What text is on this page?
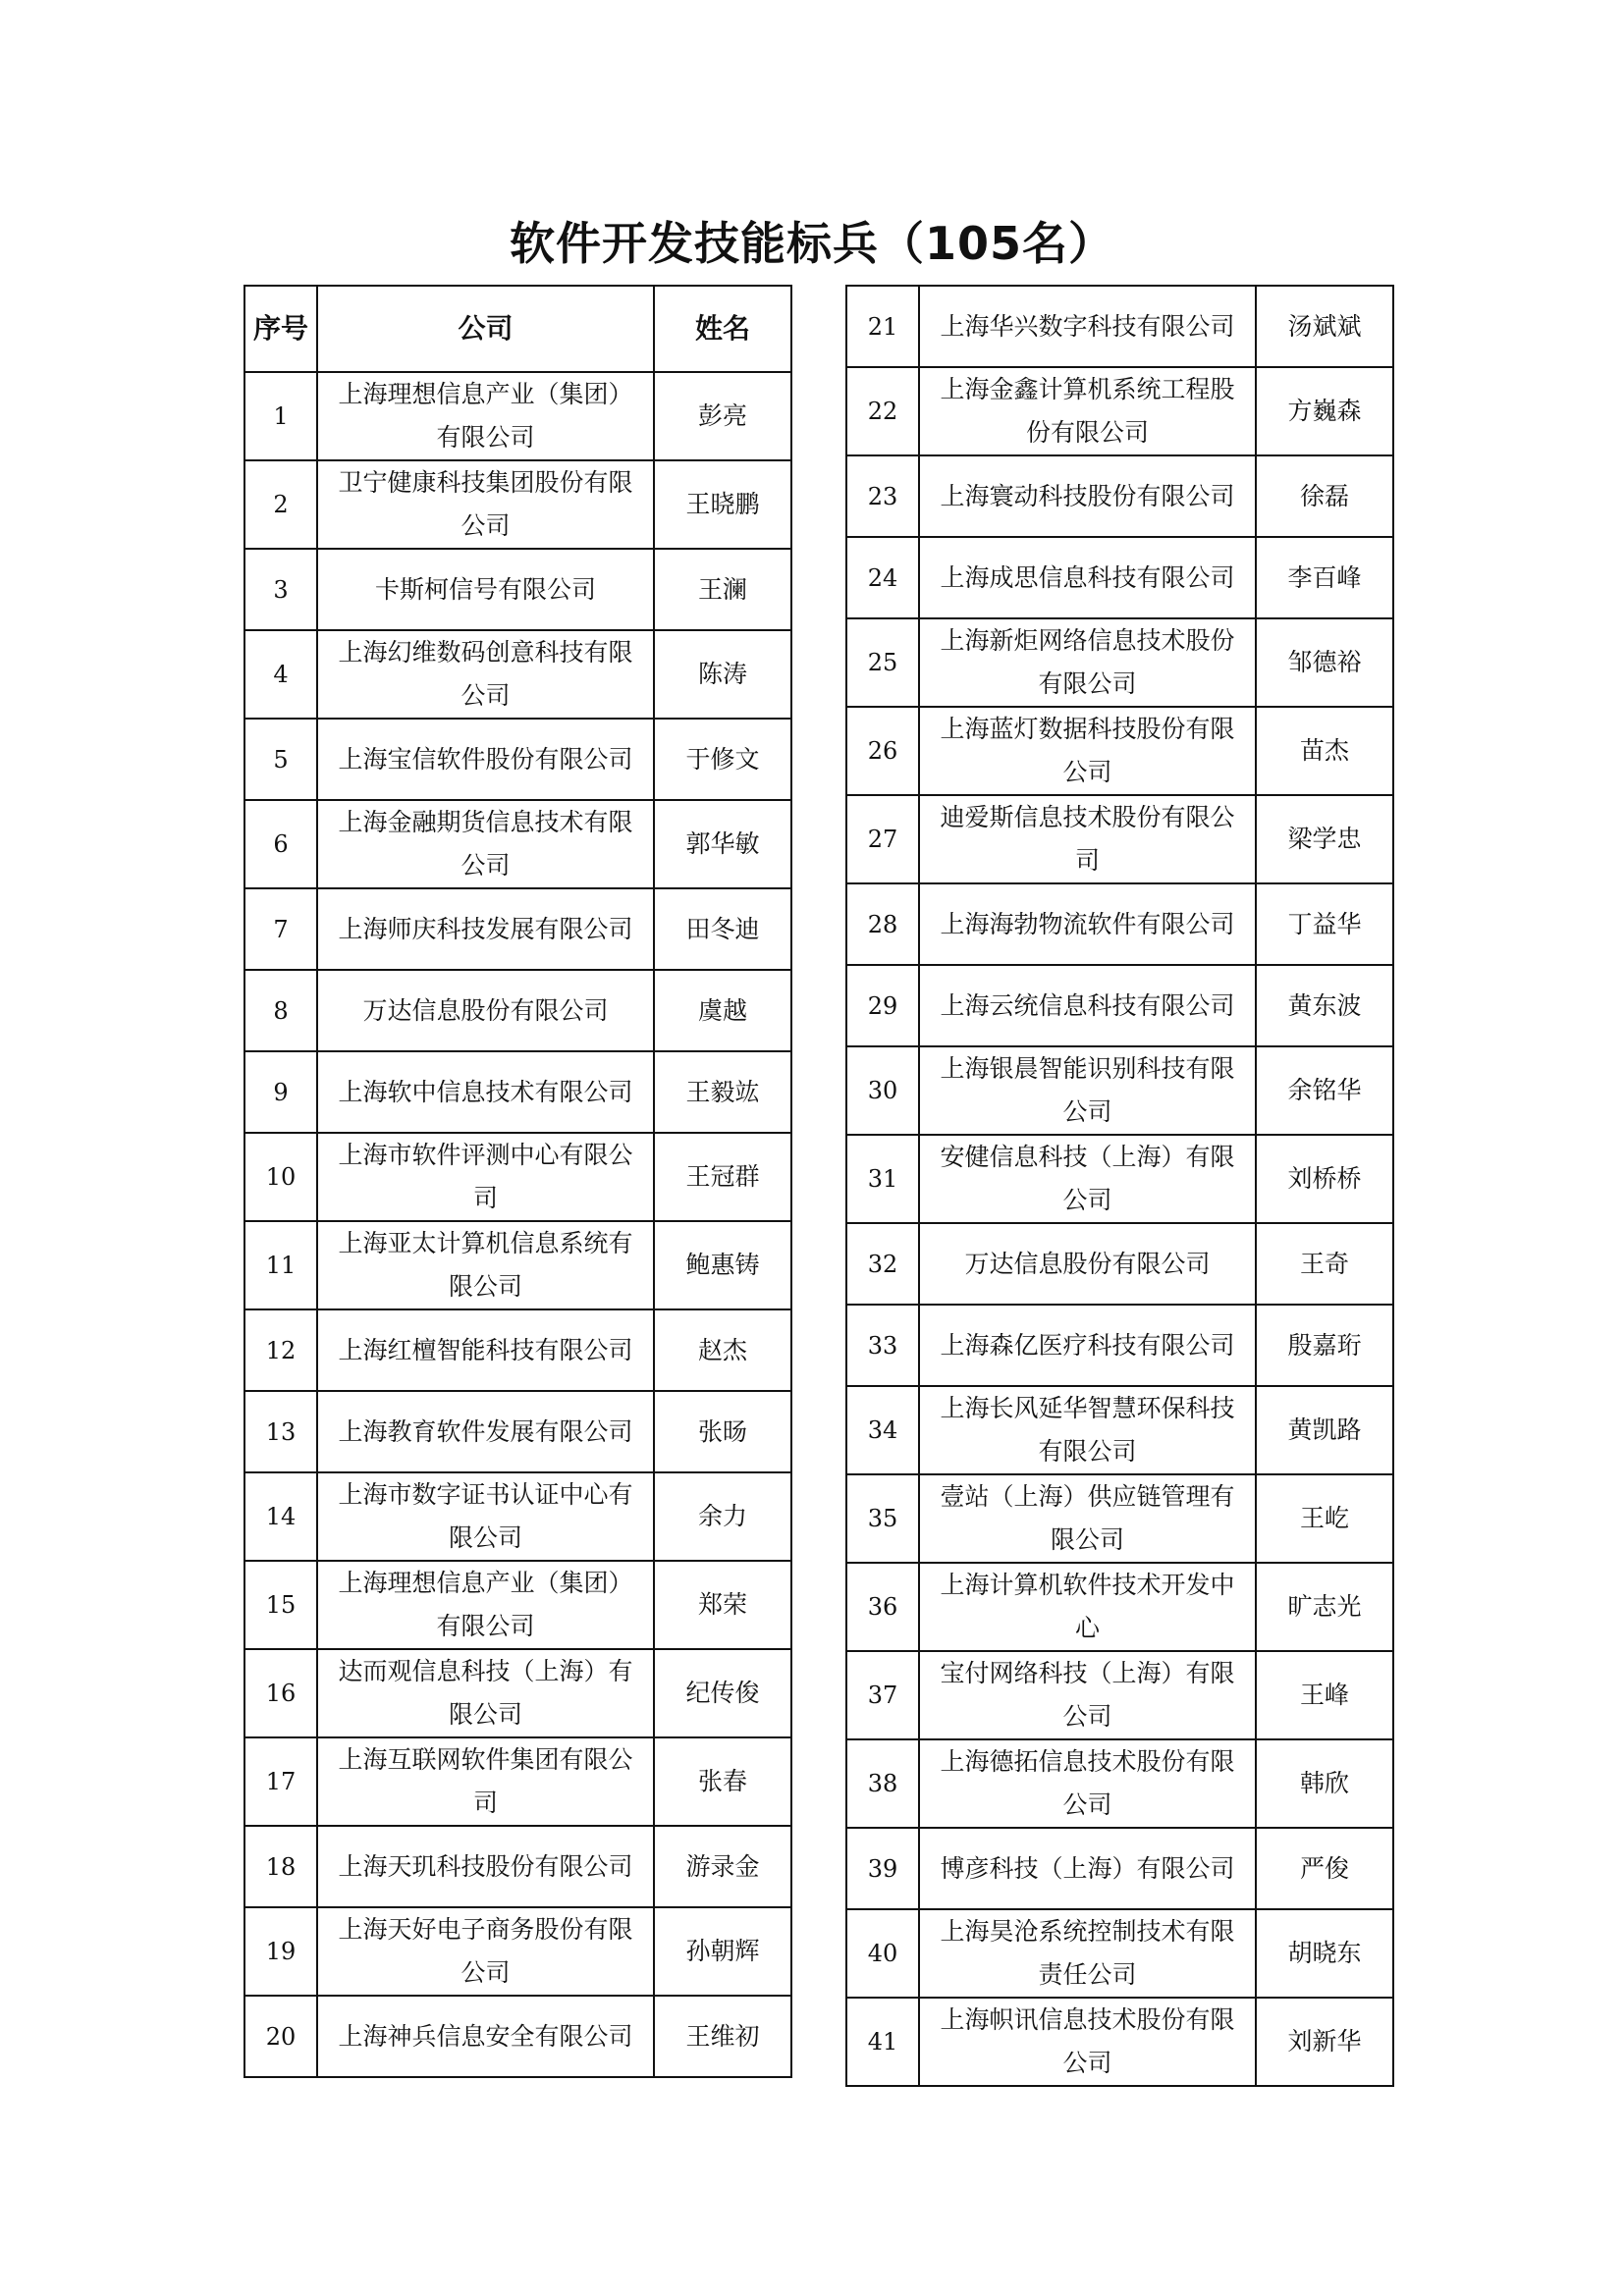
软件开发技能标兵（105名）
序号	公司	姓名
1	上海理想信息产业（集团）有限公司	彭亮
2	卫宁健康科技集团股份有限公司	王晓鹏
3	卡斯柯信号有限公司	王澜
4	上海幻维数码创意科技有限公司	陈涛
5	上海宝信软件股份有限公司	于修文
6	上海金融期货信息技术有限公司	郭华敏
7	上海师庆科技发展有限公司	田冬迪
8	万达信息股份有限公司	虞越
9	上海软中信息技术有限公司	王毅竑
10	上海市软件评测中心有限公司	王冠群
11	上海亚太计算机信息系统有限公司	鲍惠铸
12	上海红檀智能科技有限公司	赵杰
13	上海教育软件发展有限公司	张旸
14	上海市数字证书认证中心有限公司	余力
15	上海理想信息产业（集团）有限公司	郑荣
16	达而观信息科技（上海）有限公司	纪传俊
17	上海互联网软件集团有限公司	张春
18	上海天玑科技股份有限公司	游录金
19	上海天好电子商务股份有限公司	孙朝辉
20	上海神兵信息安全有限公司	王维初
21	上海华兴数字科技有限公司	汤斌斌
22	上海金鑫计算机系统工程股份有限公司	方巍森
23	上海寰动科技股份有限公司	徐磊
24	上海成思信息科技有限公司	李百峰
25	上海新炬网络信息技术股份有限公司	邹德裕
26	上海蓝灯数据科技股份有限公司	苗杰
27	迪爱斯信息技术股份有限公司	梁学忠
28	上海海勃物流软件有限公司	丁益华
29	上海云统信息科技有限公司	黄东波
30	上海银晨智能识别科技有限公司	余铭华
31	安健信息科技（上海）有限公司	刘桥桥
32	万达信息股份有限公司	王奇
33	上海森亿医疗科技有限公司	殷嘉珩
34	上海长风延华智慧环保科技有限公司	黄凯路
35	壹站（上海）供应链管理有限公司	王屹
36	上海计算机软件技术开发中心	旷志光
37	宝付网络科技（上海）有限公司	王峰
38	上海德拓信息技术股份有限公司	韩欣
39	博彦科技（上海）有限公司	严俊
40	上海昊沧系统控制技术有限责任公司	胡晓东
41	上海帜讯信息技术股份有限公司	刘新华
